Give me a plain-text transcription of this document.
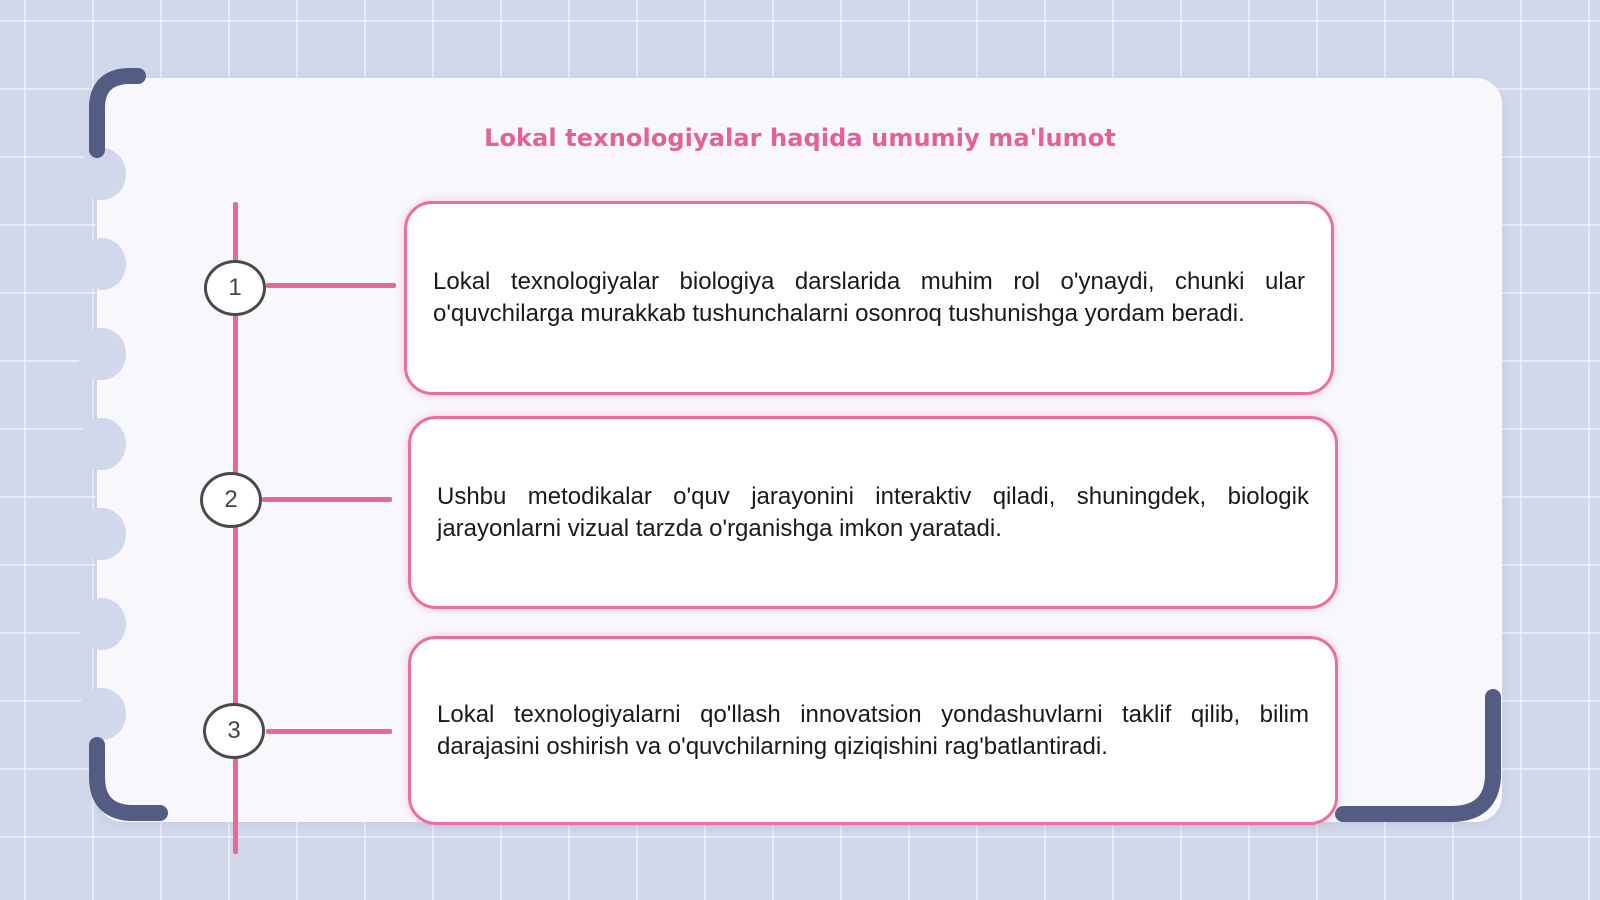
Lokal texnologiyalar haqida umumiy ma'lumot
1	Lokal texnologiyalar biologiya darslarida muhim rol o'ynaydi, chunki ular o'quvchilarga murakkab tushunchalarni osonroq tushunishga yordam beradi.

2	Ushbu metodikalar o'quv jarayonini interaktiv qiladi, shuningdek, biologik jarayonlarni vizual tarzda o'rganishga imkon yaratadi.

3

Lokal texnologiyalarni qo'llash innovatsion yondashuvlarni taklif qilib, bilim darajasini oshirish va o'quvchilarning qiziqishini rag'batlantiradi.
